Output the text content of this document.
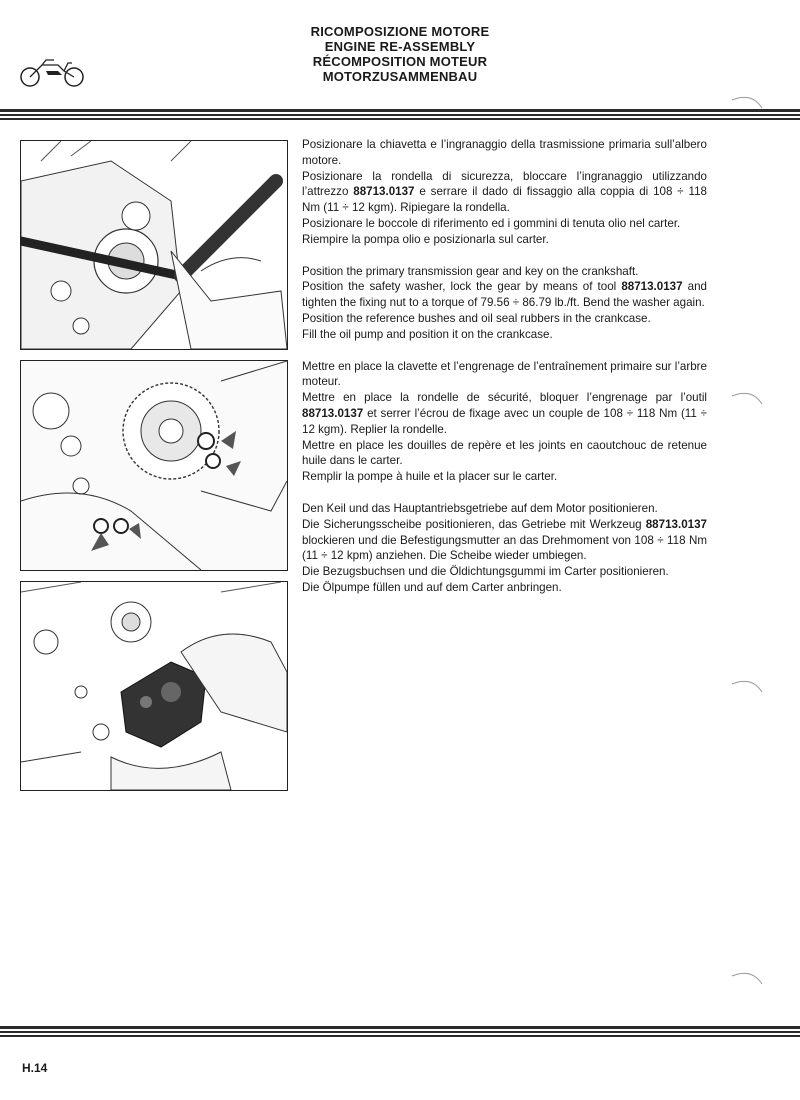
RICOMPOSIZIONE MOTORE
ENGINE RE-ASSEMBLY
RÉCOMPOSITION MOTEUR
MOTORZUSAMMENBAU

Posizionare la chiavetta e l’ingranaggio della trasmissione primaria sull’albero motore.

Posizionare la rondella di sicurezza, bloccare l’ingranaggio utilizzando l’attrezzo 88713.0137 e serrare il dado di fissaggio alla coppia di 108 ÷ 118 Nm (11 ÷ 12 kgm). Ripiegare la rondella.

Posizionare le boccole di riferimento ed i gommini di tenuta olio nel carter.

Riempire la pompa olio e posizionarla sul carter.

Position the primary transmission gear and key on the crankshaft.

Position the safety washer, lock the gear by means of tool 88713.0137 and tighten the fixing nut to a torque of 79.56 ÷ 86.79 lb./ft. Bend the washer again.

Position the reference bushes and oil seal rubbers in the crankcase.

Fill the oil pump and position it on the crankcase.

Mettre en place la clavette et l’engrenage de l’entraînement primaire sur l’arbre moteur.

Mettre en place la rondelle de sécurité, bloquer l’engrenage par l’outil 88713.0137 et serrer l’écrou de fixage avec un couple de 108 ÷ 118 Nm (11 ÷ 12 kgm). Replier la rondelle.

Mettre en place les douilles de repère et les joints en caoutchouc de retenue huile dans le carter.

Remplir la pompe à huile et la placer sur le carter.

Den Keil und das Hauptantriebsgetriebe auf dem Motor positionieren.

Die Sicherungsscheibe positionieren, das Getriebe mit Werkzeug 88713.0137 blockieren und die Befestigungsmutter an das Drehmoment von 108 ÷ 118 Nm (11 ÷ 12 kpm) anziehen. Die Scheibe wieder umbiegen.

Die Bezugsbuchsen und die Öldichtungsgummi im Carter positionieren.

Die Ölpumpe füllen und auf dem Carter anbringen.

H.14
